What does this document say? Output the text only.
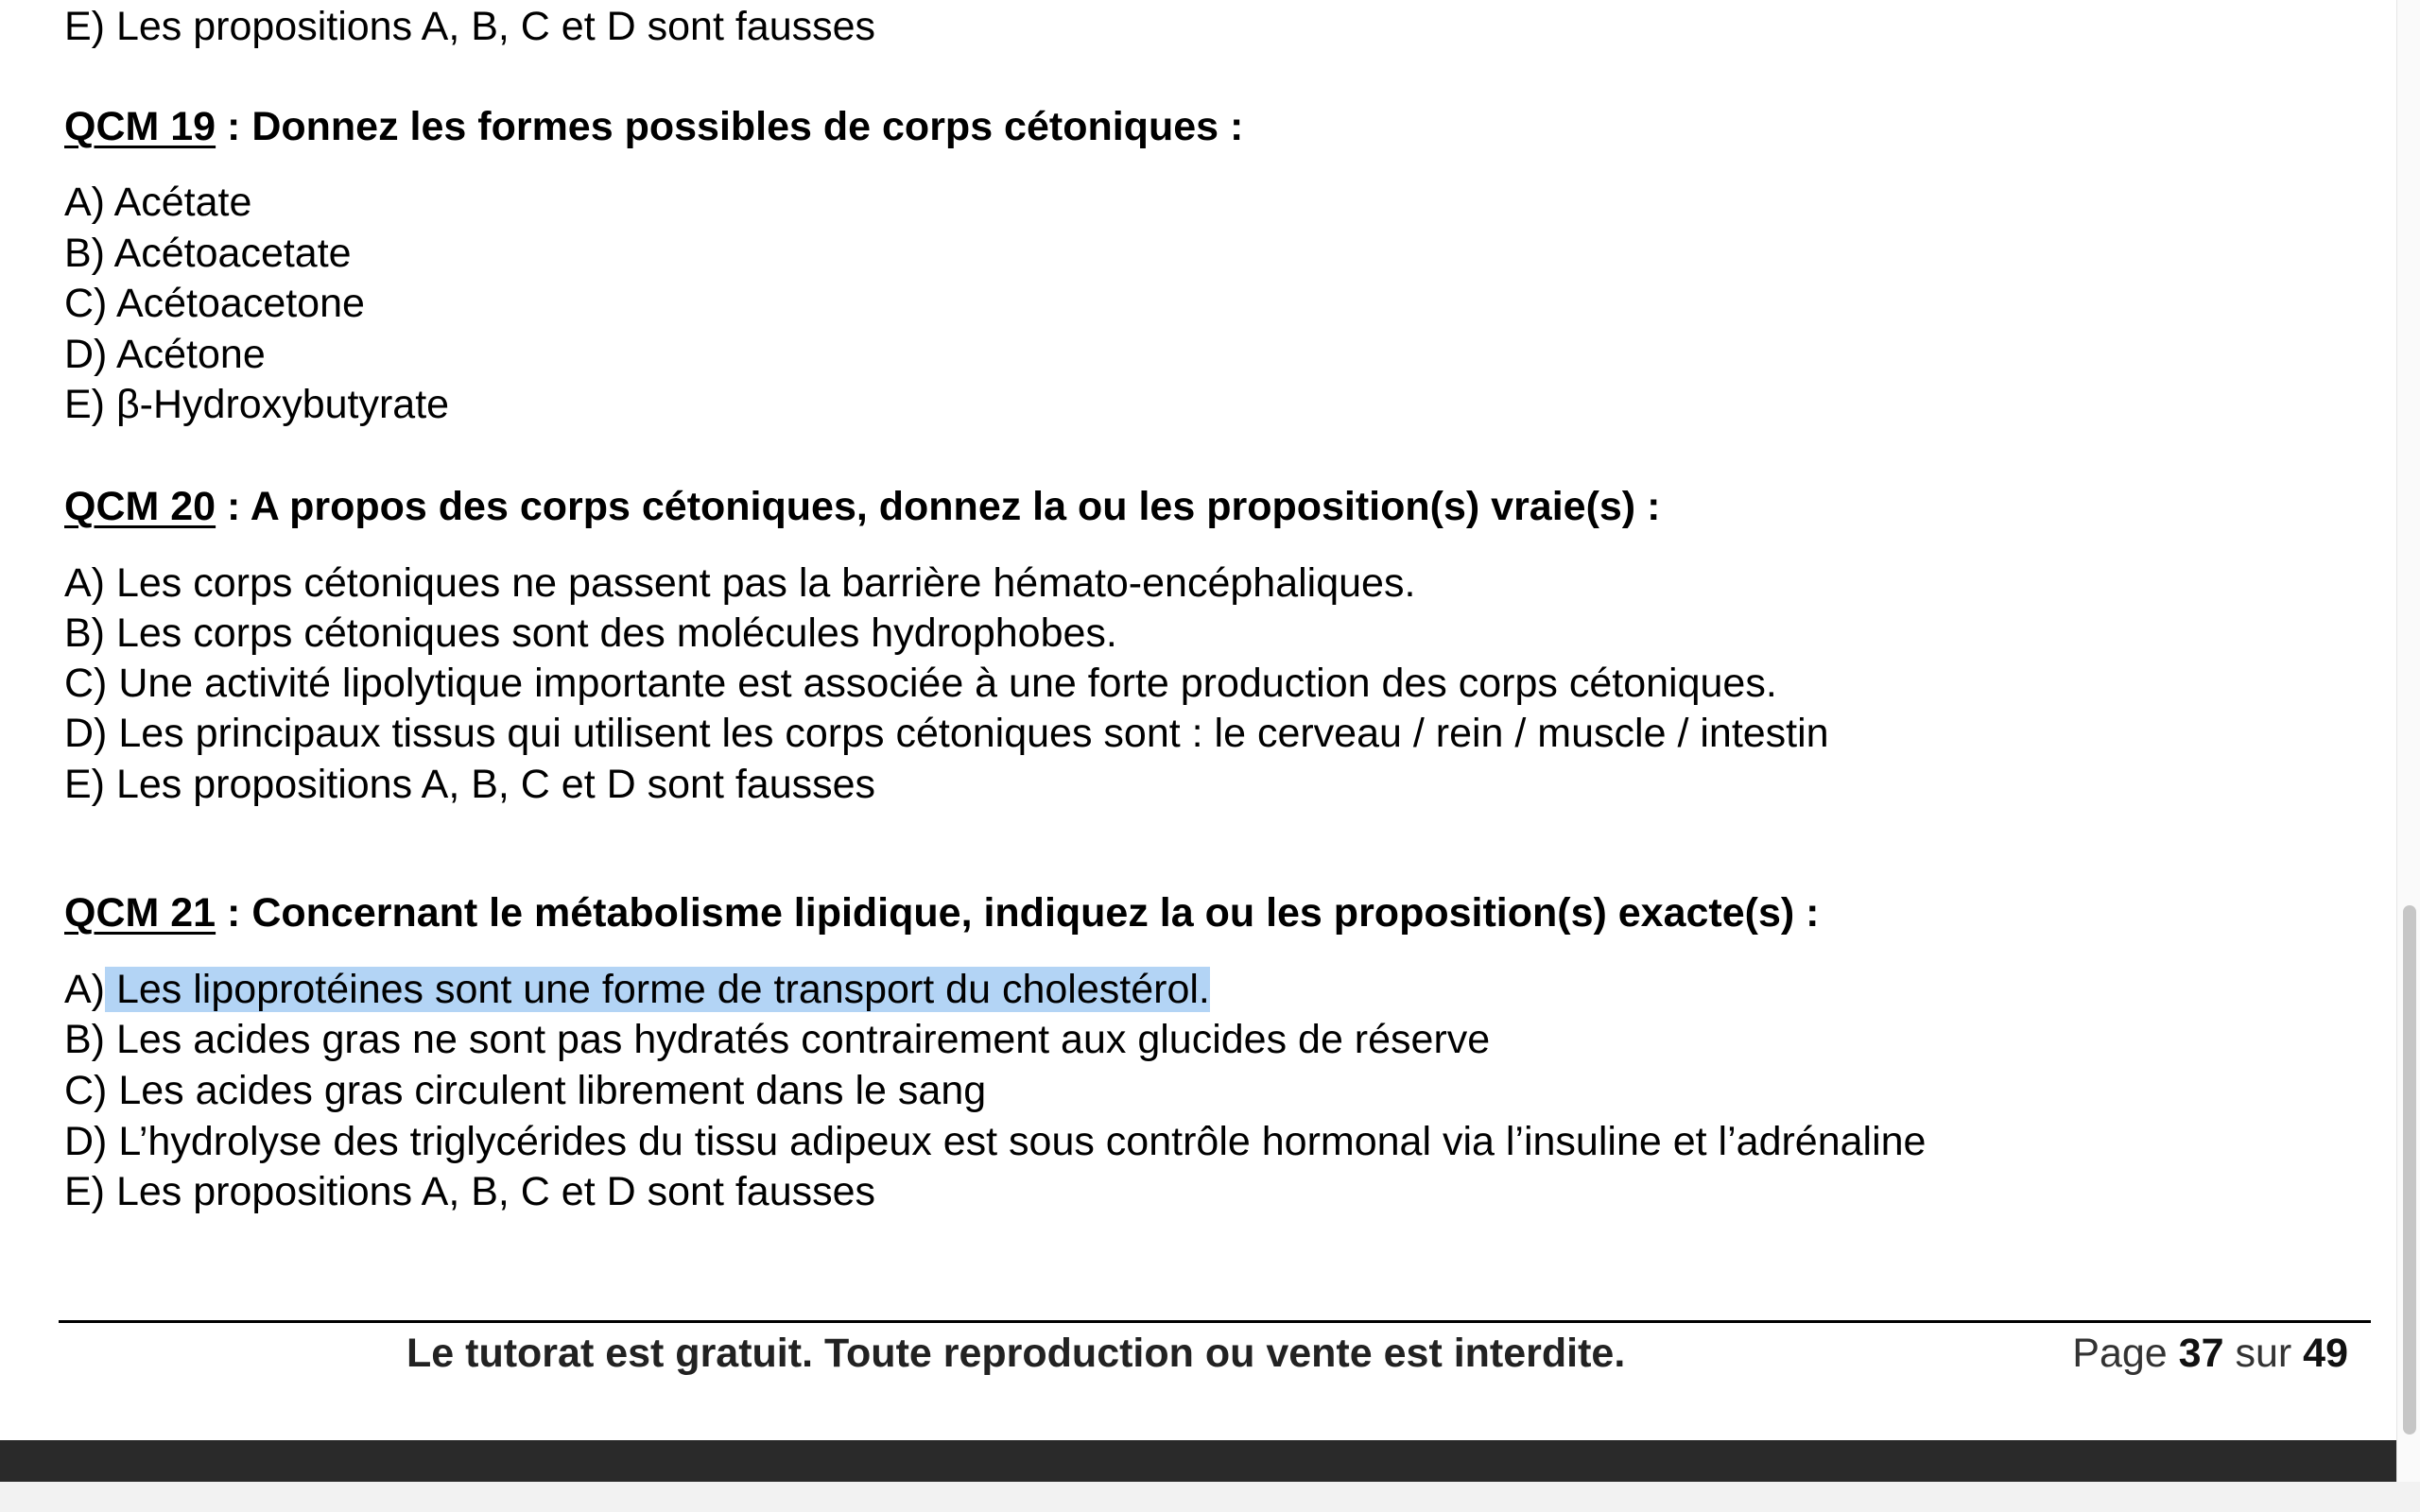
E) Les propositions A, B, C et D sont fausses
QCM 19 : Donnez les formes possibles de corps cétoniques :
A) Acétate
B) Acétoacetate
C) Acétoacetone
D) Acétone
E) β-Hydroxybutyrate
QCM 20 : A propos des corps cétoniques, donnez la ou les proposition(s) vraie(s) :
A) Les corps cétoniques ne passent pas la barrière hémato-encéphaliques.
B) Les corps cétoniques sont des molécules hydrophobes.
C) Une activité lipolytique importante est associée à une forte production des corps cétoniques.
D) Les principaux tissus qui utilisent les corps cétoniques sont : le cerveau / rein / muscle / intestin
E) Les propositions A, B, C et D sont fausses
QCM 21 : Concernant le métabolisme lipidique, indiquez la ou les proposition(s) exacte(s) :
A) Les lipoprotéines sont une forme de transport du cholestérol.
B) Les acides gras ne sont pas hydratés contrairement aux glucides de réserve
C) Les acides gras circulent librement dans le sang
D) L’hydrolyse des triglycérides du tissu adipeux est sous contrôle hormonal via l’insuline et l’adrénaline
E) Les propositions A, B, C et D sont fausses
Le tutorat est gratuit. Toute reproduction ou vente est interdite.	Page 37 sur 49
